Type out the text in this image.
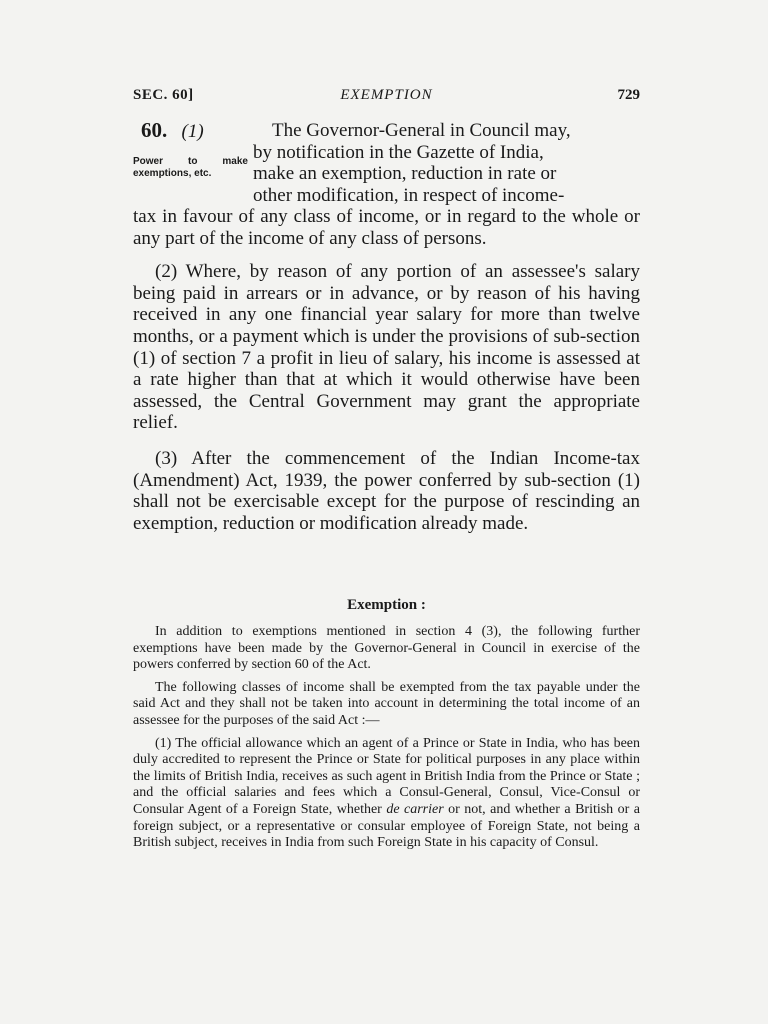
SEC. 60]	EXEMPTION	729
60. (1)	The Governor-General in Council may,
by notification in the Gazette of India,
make an exemption, reduction in rate or
other modification, in respect of income-
Power to make exemptions, etc.

tax in favour of any class of income, or in regard to the whole or any part of the income of any class of persons.

(2) Where, by reason of any portion of an assessee's salary being paid in arrears or in advance, or by reason of his having received in any one financial year salary for more than twelve months, or a payment which is under the provisions of sub-section (1) of section 7 a profit in lieu of salary, his income is assessed at a rate higher than that at which it would otherwise have been assessed, the Central Government may grant the appropriate relief.

(3) After the commencement of the Indian Income-tax (Amendment) Act, 1939, the power conferred by sub-section (1) shall not be exercisable except for the purpose of rescinding an exemption, reduction or modification already made.

Exemption :

In addition to exemptions mentioned in section 4 (3), the following further exemptions have been made by the Governor-General in Council in exercise of the powers conferred by section 60 of the Act.

The following classes of income shall be exempted from the tax payable under the said Act and they shall not be taken into account in determining the total income of an assessee for the purposes of the said Act :—

(1) The official allowance which an agent of a Prince or State in India, who has been duly accredited to represent the Prince or State for political purposes in any place within the limits of British India, receives as such agent in British India from the Prince or State ; and the official salaries and fees which a Consul-General, Consul, Vice-Consul or Consular Agent of a Foreign State, whether de carrier or not, and whether a British or a foreign subject, or a representative or consular employee of Foreign State, not being a British subject, receives in India from such Foreign State in his capacity of Consul.
